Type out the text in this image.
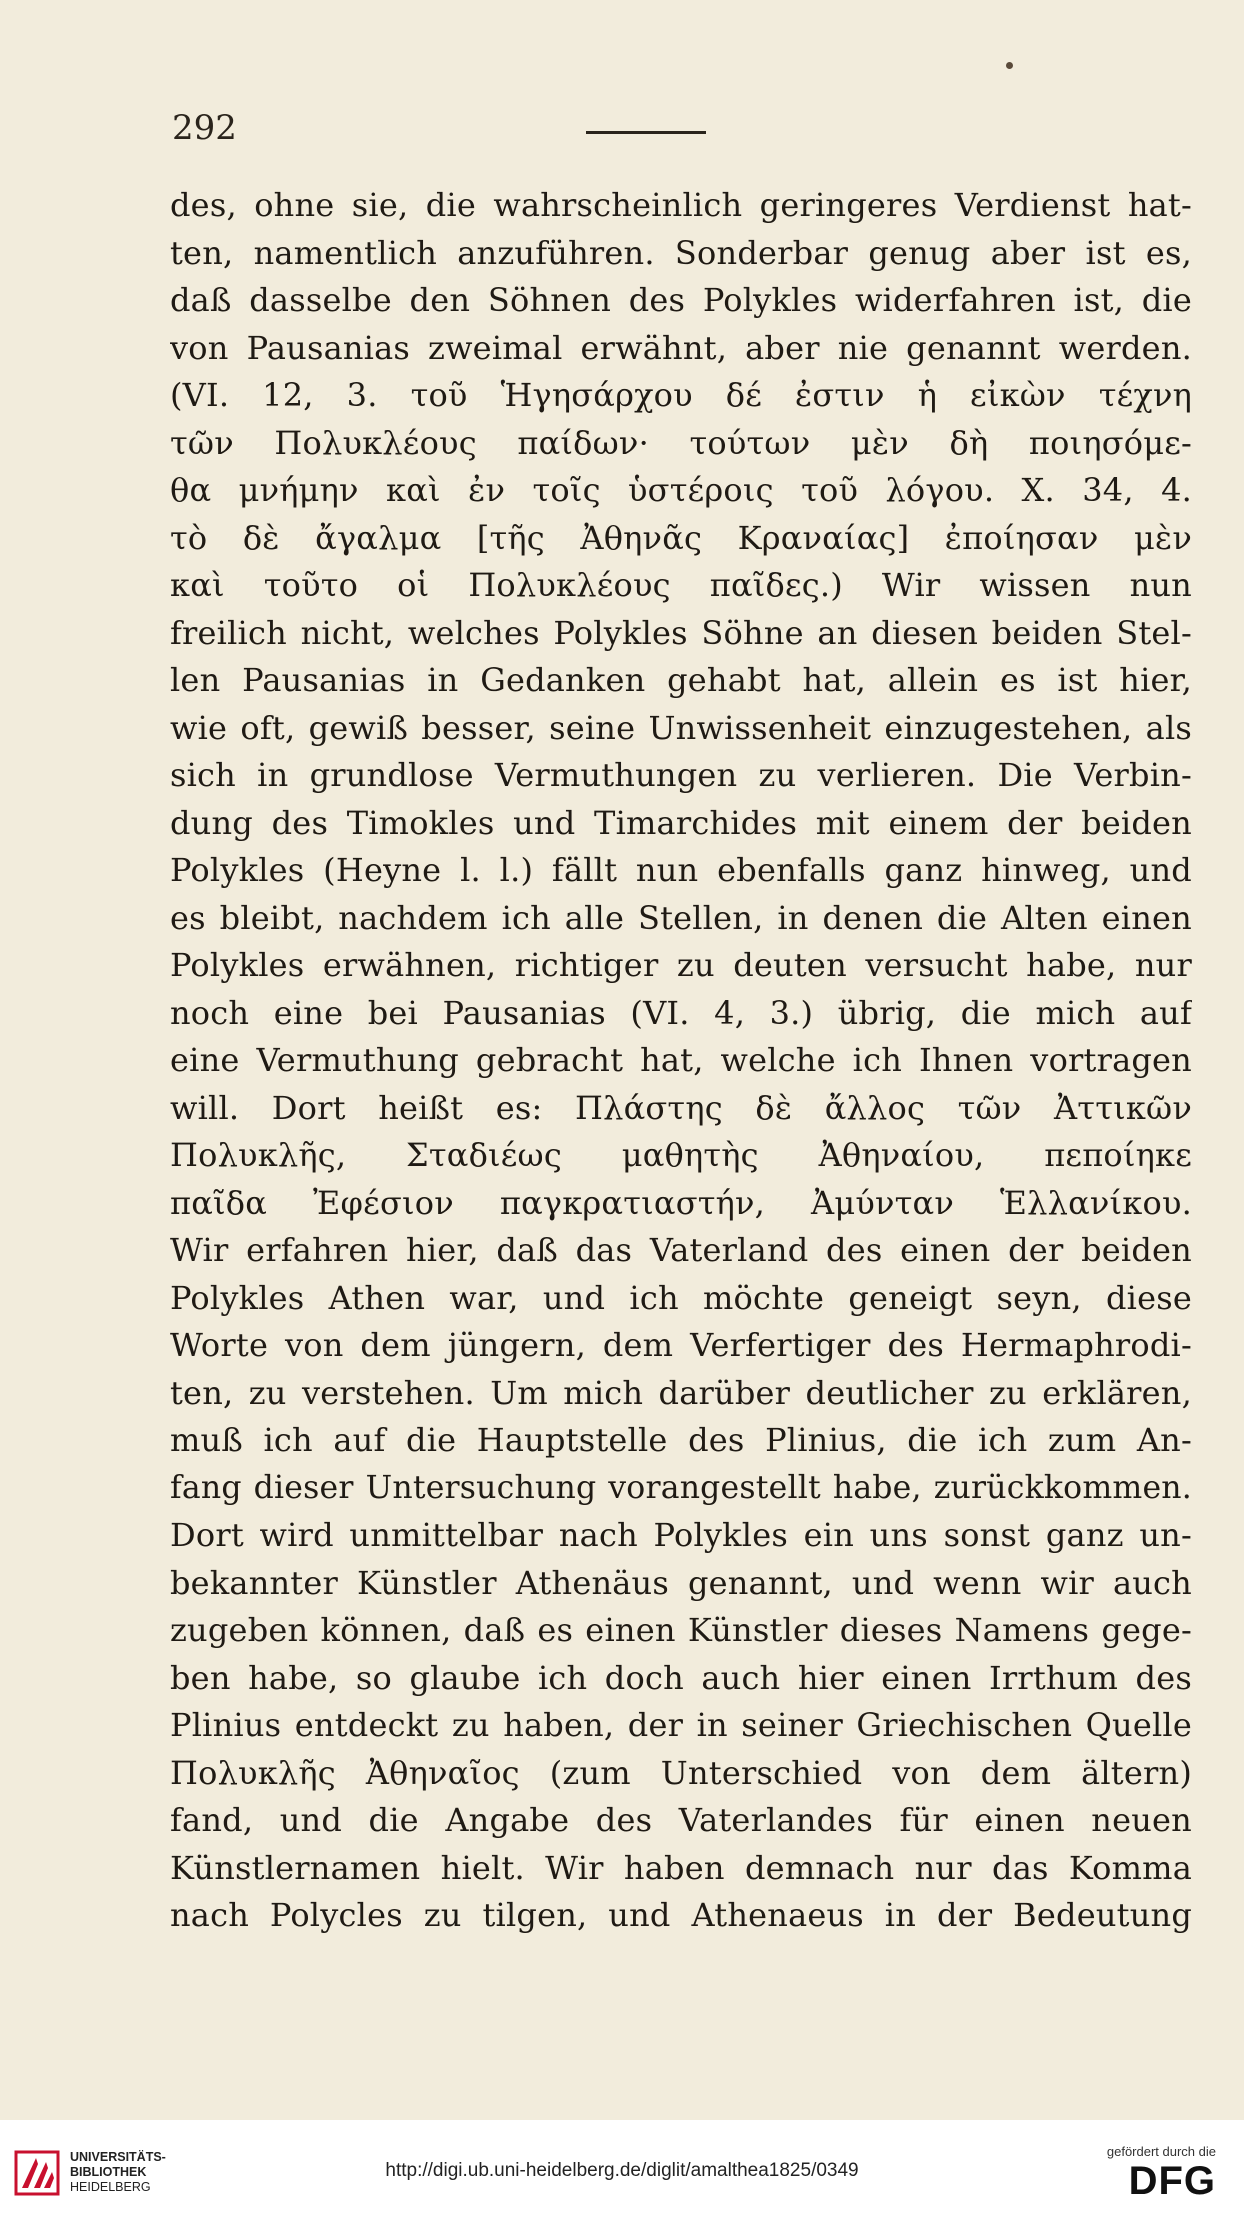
292
des, ohne sie, die wahrscheinlich geringeres Verdienst hat-
ten, namentlich anzuführen. Sonderbar genug aber ist es,
daß dasselbe den Söhnen des Polykles widerfahren ist, die
von Pausanias zweimal erwähnt, aber nie genannt werden.
(VI. 12, 3. τοῦ Ἡγησάρχου δέ ἐστιν ἡ εἰκὼν τέχνη
τῶν Πολυκλέους παίδων· τούτων μὲν δὴ ποιησόμε-
θα μνήμην καὶ ἐν τοῖς ὑστέροις τοῦ λόγου. X. 34, 4.
τὸ δὲ ἄγαλμα [τῆς Ἀθηνᾶς Κραναίας] ἐποίησαν μὲν
καὶ τοῦτο οἱ Πολυκλέους παῖδες.) Wir wissen nun
freilich nicht, welches Polykles Söhne an diesen beiden Stel-
len Pausanias in Gedanken gehabt hat, allein es ist hier,
wie oft, gewiß besser, seine Unwissenheit einzugestehen, als
sich in grundlose Vermuthungen zu verlieren. Die Verbin-
dung des Timokles und Timarchides mit einem der beiden
Polykles (Heyne l. l.) fällt nun ebenfalls ganz hinweg, und
es bleibt, nachdem ich alle Stellen, in denen die Alten einen
Polykles erwähnen, richtiger zu deuten versucht habe, nur
noch eine bei Pausanias (VI. 4, 3.) übrig, die mich auf
eine Vermuthung gebracht hat, welche ich Ihnen vortragen
will. Dort heißt es: Πλάστης δὲ ἄλλος τῶν Ἀττικῶν
Πολυκλῆς, Σταδιέως μαθητὴς Ἀθηναίου, πεποίηκε
παῖδα Ἐφέσιον παγκρατιαστήν, Ἀμύνταν Ἑλλανίκου.
Wir erfahren hier, daß das Vaterland des einen der beiden
Polykles Athen war, und ich möchte geneigt seyn, diese
Worte von dem jüngern, dem Verfertiger des Hermaphrodi-
ten, zu verstehen. Um mich darüber deutlicher zu erklären,
muß ich auf die Hauptstelle des Plinius, die ich zum An-
fang dieser Untersuchung vorangestellt habe, zurückkommen.
Dort wird unmittelbar nach Polykles ein uns sonst ganz un-
bekannter Künstler Athenäus genannt, und wenn wir auch
zugeben können, daß es einen Künstler dieses Namens gege-
ben habe, so glaube ich doch auch hier einen Irrthum des
Plinius entdeckt zu haben, der in seiner Griechischen Quelle
Πολυκλῆς Ἀθηναῖος (zum Unterschied von dem ältern)
fand, und die Angabe des Vaterlandes für einen neuen
Künstlernamen hielt. Wir haben demnach nur das Komma
nach Polycles zu tilgen, und Athenaeus in der Bedeutung
UNIVERSITÄTS-
BIBLIOTHEK
HEIDELBERG
http://digi.ub.uni-heidelberg.de/diglit/amalthea1825/0349
gefördert durch die
DFG
